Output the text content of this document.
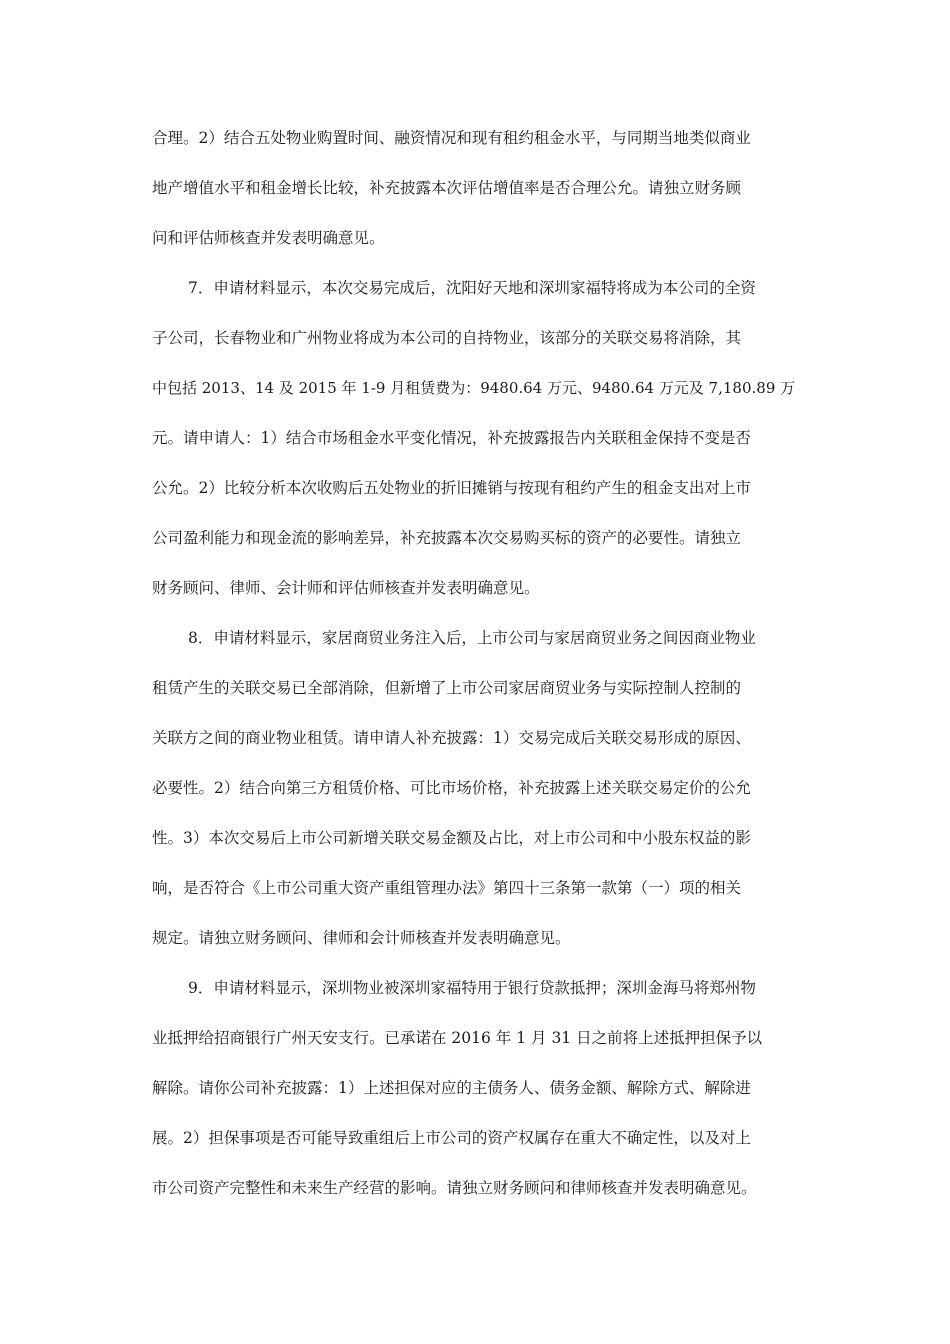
合理。2）结合五处物业购置时间、融资情况和现有租约租金水平，与同期当地类似商业
地产增值水平和租金增长比较，补充披露本次评估增值率是否合理公允。请独立财务顾
问和评估师核查并发表明确意见。
7．申请材料显示，本次交易完成后，沈阳好天地和深圳家福特将成为本公司的全资
子公司，长春物业和广州物业将成为本公司的自持物业，该部分的关联交易将消除，其
中包括 2013、14 及 2015 年 1-9 月租赁费为：9480.64 万元、9480.64 万元及 7,180.89 万
元。请申请人：1）结合市场租金水平变化情况，补充披露报告内关联租金保持不变是否
公允。2）比较分析本次收购后五处物业的折旧摊销与按现有租约产生的租金支出对上市
公司盈利能力和现金流的影响差异，补充披露本次交易购买标的资产的必要性。请独立
财务顾问、律师、会计师和评估师核查并发表明确意见。
8．申请材料显示，家居商贸业务注入后，上市公司与家居商贸业务之间因商业物业
租赁产生的关联交易已全部消除，但新增了上市公司家居商贸业务与实际控制人控制的
关联方之间的商业物业租赁。请申请人补充披露：1）交易完成后关联交易形成的原因、
必要性。2）结合向第三方租赁价格、可比市场价格，补充披露上述关联交易定价的公允
性。3）本次交易后上市公司新增关联交易金额及占比，对上市公司和中小股东权益的影
响，是否符合《上市公司重大资产重组管理办法》第四十三条第一款第（一）项的相关
规定。请独立财务顾问、律师和会计师核查并发表明确意见。
9．申请材料显示，深圳物业被深圳家福特用于银行贷款抵押；深圳金海马将郑州物
业抵押给招商银行广州天安支行。已承诺在 2016 年 1 月 31 日之前将上述抵押担保予以
解除。请你公司补充披露：1）上述担保对应的主债务人、债务金额、解除方式、解除进
展。2）担保事项是否可能导致重组后上市公司的资产权属存在重大不确定性，以及对上
市公司资产完整性和未来生产经营的影响。请独立财务顾问和律师核查并发表明确意见。
